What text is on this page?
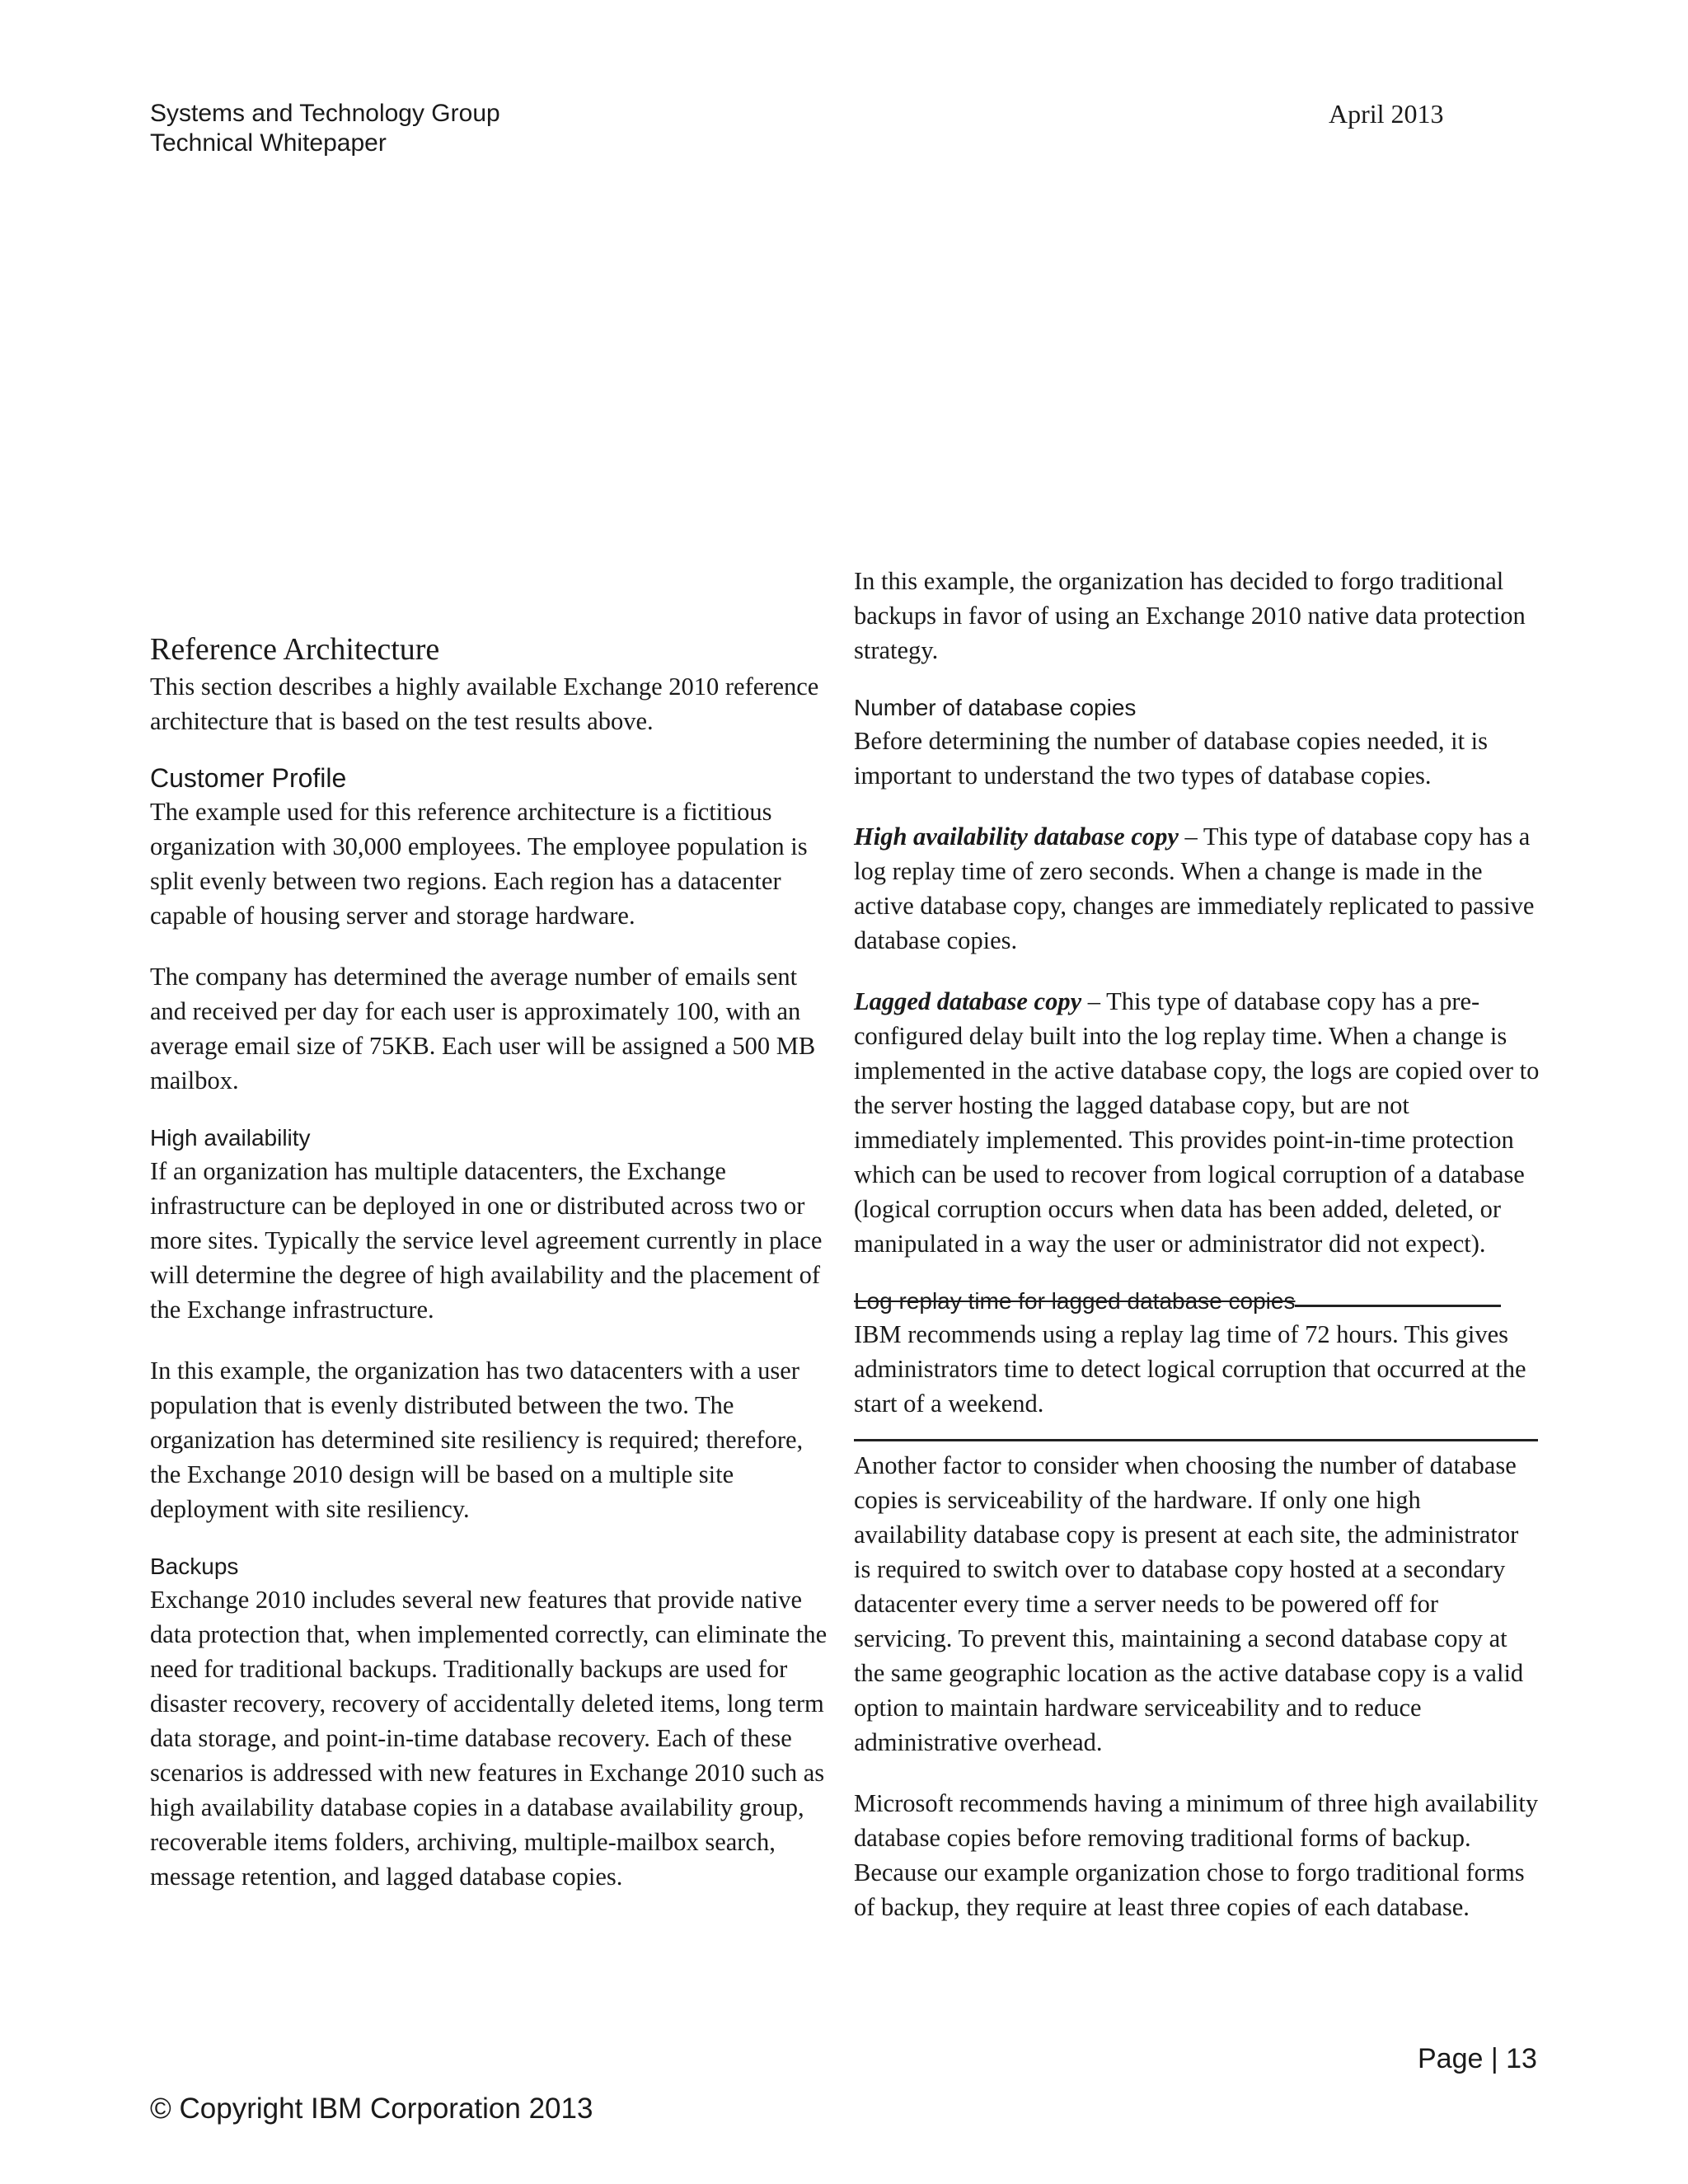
Systems and Technology Group
Technical Whitepaper
April 2013
Reference Architecture

This section describes a highly available Exchange 2010 reference architecture that is based on the test results above.

Customer Profile

The example used for this reference architecture is a fictitious organization with 30,000 employees. The employee population is split evenly between two regions. Each region has a datacenter capable of housing server and storage hardware.

The company has determined the average number of emails sent and received per day for each user is approximately 100, with an average email size of 75KB. Each user will be assigned a 500 MB mailbox.

High availability

If an organization has multiple datacenters, the Exchange infrastructure can be deployed in one or distributed across two or more sites. Typically the service level agreement currently in place will determine the degree of high availability and the placement of the Exchange infrastructure.

In this example, the organization has two datacenters with a user population that is evenly distributed between the two. The organization has determined site resiliency is required; therefore, the Exchange 2010 design will be based on a multiple site deployment with site resiliency.

Backups

Exchange 2010 includes several new features that provide native data protection that, when implemented correctly, can eliminate the need for traditional backups. Traditionally backups are used for disaster recovery, recovery of accidentally deleted items, long term data storage, and point-in-time database recovery. Each of these scenarios is addressed with new features in Exchange 2010 such as high availability database copies in a database availability group, recoverable items folders, archiving, multiple-mailbox search, message retention, and lagged database copies.

In this example, the organization has decided to forgo traditional backups in favor of using an Exchange 2010 native data protection strategy.

Number of database copies

Before determining the number of database copies needed, it is important to understand the two types of database copies.

High availability database copy – This type of database copy has a log replay time of zero seconds. When a change is made in the active database copy, changes are immediately replicated to passive database copies.

Lagged database copy – This type of database copy has a pre-configured delay built into the log replay time. When a change is implemented in the active database copy, the logs are copied over to the server hosting the lagged database copy, but are not immediately implemented. This provides point-in-time protection which can be used to recover from logical corruption of a database (logical corruption occurs when data has been added, deleted, or manipulated in a way the user or administrator did not expect).

Log replay time for lagged database copies

IBM recommends using a replay lag time of 72 hours. This gives administrators time to detect logical corruption that occurred at the start of a weekend.

Another factor to consider when choosing the number of database copies is serviceability of the hardware. If only one high availability database copy is present at each site, the administrator is required to switch over to database copy hosted at a secondary datacenter every time a server needs to be powered off for servicing. To prevent this, maintaining a second database copy at the same geographic location as the active database copy is a valid option to maintain hardware serviceability and to reduce administrative overhead.

Microsoft recommends having a minimum of three high availability database copies before removing traditional forms of backup. Because our example organization chose to forgo traditional forms of backup, they require at least three copies of each database.

Page | 13
© Copyright IBM Corporation 2013
